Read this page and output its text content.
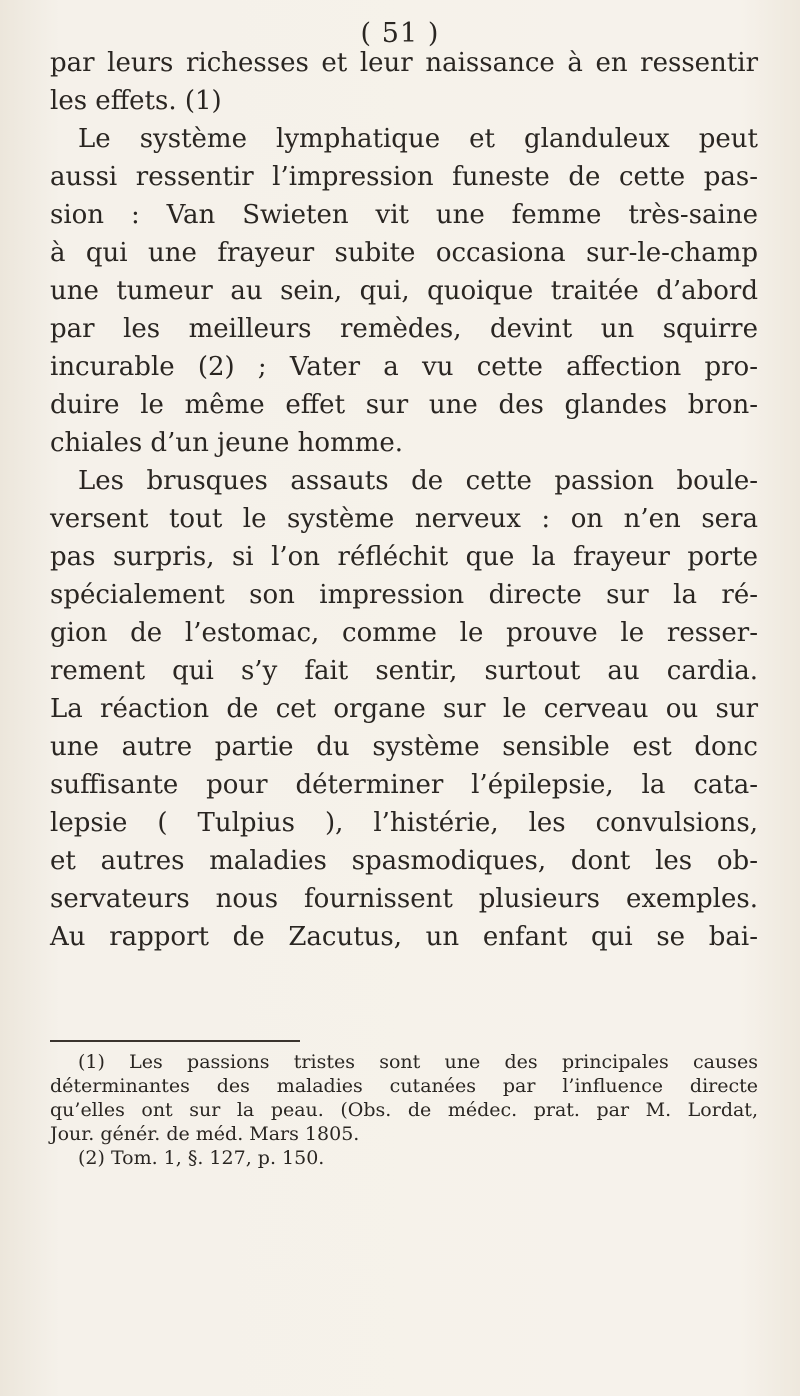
( 51 )
par leurs richesses et leur naissance à en ressentir
les effets. (1)
Le système lymphatique et glanduleux peut
aussi ressentir l’impression funeste de cette pas-
sion : Van Swieten vit une femme très-saine
à qui une frayeur subite occasiona sur-le-champ
une tumeur au sein, qui, quoique traitée d’abord
par les meilleurs remèdes, devint un squirre
incurable (2) ; Vater a vu cette affection pro-
duire le même effet sur une des glandes bron-
chiales d’un jeune homme.
Les brusques assauts de cette passion boule-
versent tout le système nerveux : on n’en sera
pas surpris, si l’on réfléchit que la frayeur porte
spécialement son impression directe sur la ré-
gion de l’estomac, comme le prouve le resser-
rement qui s’y fait sentir, surtout au cardia.
La réaction de cet organe sur le cerveau ou sur
une autre partie du système sensible est donc
suffisante pour déterminer l’épilepsie, la cata-
lepsie ( Tulpius ), l’histérie, les convulsions,
et autres maladies spasmodiques, dont les ob-
servateurs nous fournissent plusieurs exemples.
Au rapport de Zacutus, un enfant qui se bai-
(1) Les passions tristes sont une des principales causes
déterminantes des maladies cutanées par l’influence directe
qu’elles ont sur la peau. (Obs. de médec. prat. par M. Lordat,
Jour. génér. de méd. Mars 1805.
(2) Tom. 1, §. 127, p. 150.
